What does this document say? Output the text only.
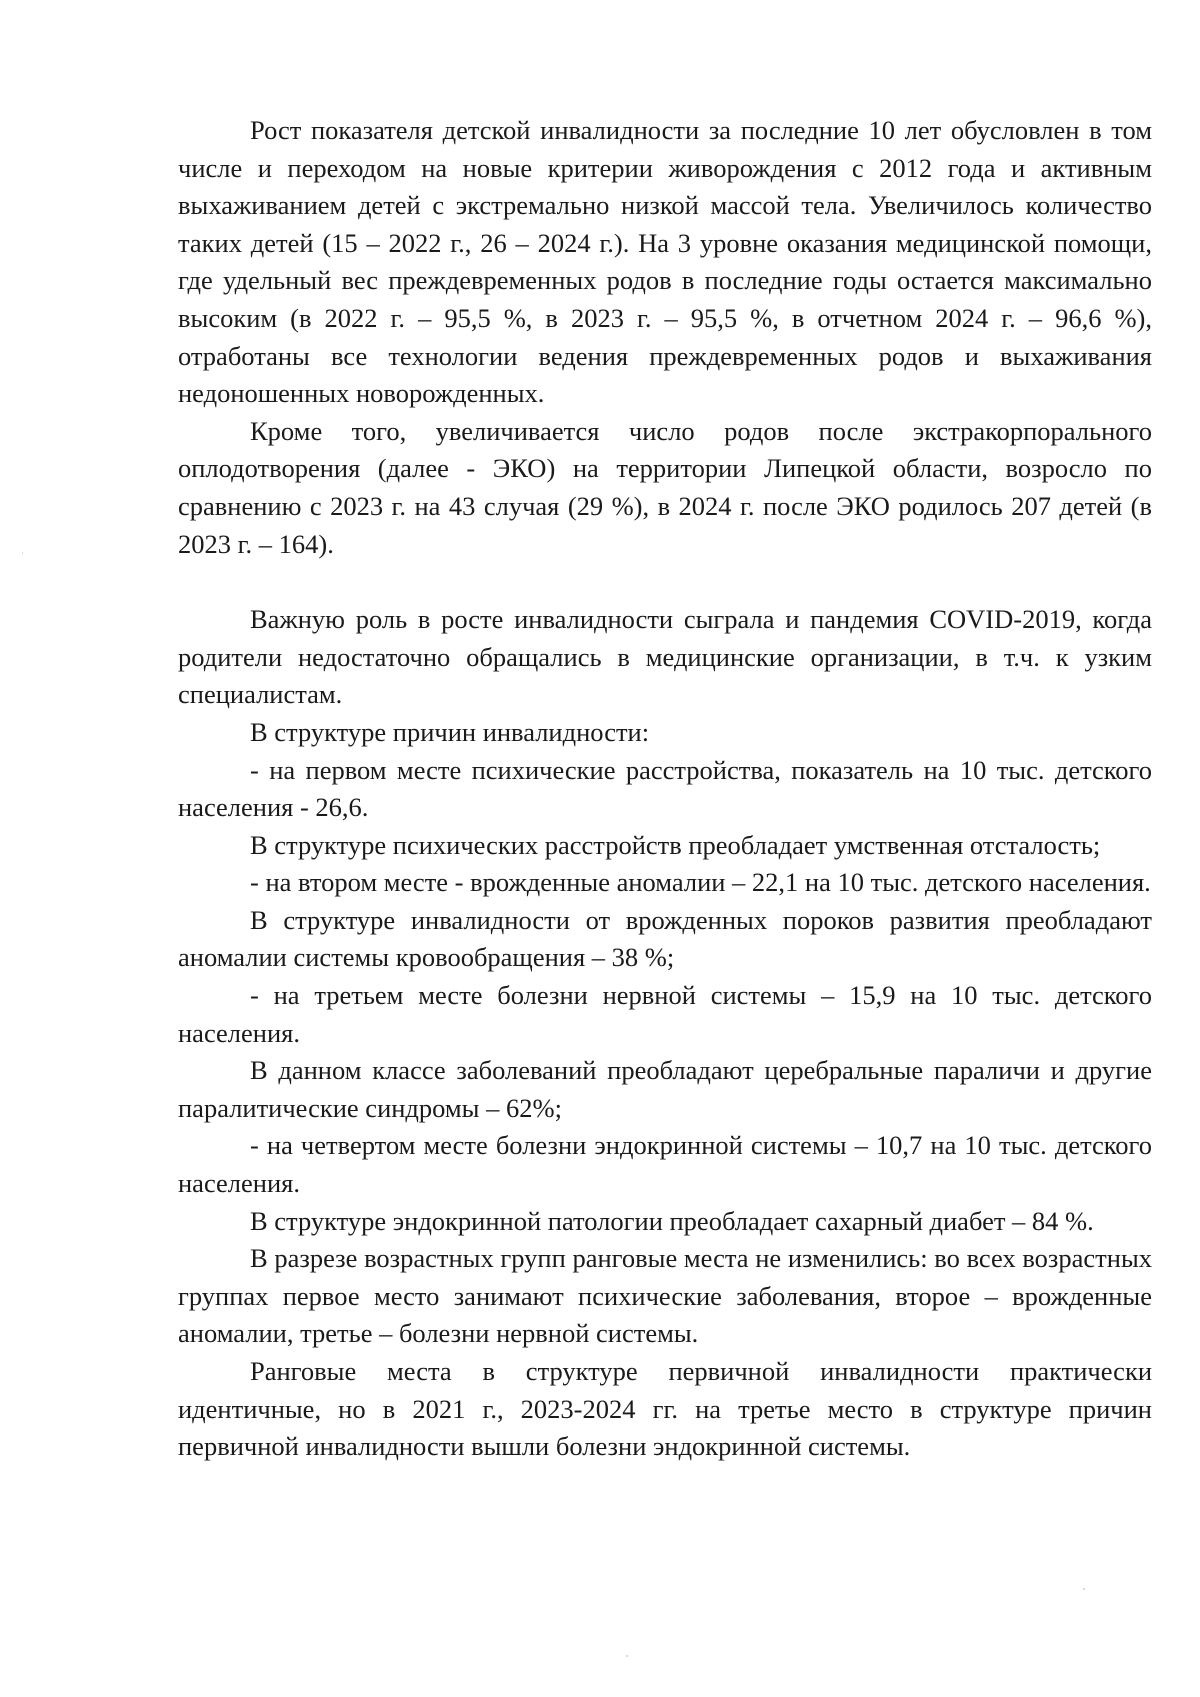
Рост показателя детской инвалидности за последние 10 лет обусловлен в том числе и переходом на новые критерии живорождения с 2012 года и активным выхаживанием детей с экстремально низкой массой тела. Увеличилось количество таких детей (15 – 2022 г., 26 – 2024 г.). На 3 уровне оказания медицинской помощи, где удельный вес преждевременных родов в последние годы остается максимально высоким (в 2022 г. – 95,5 %, в 2023 г. – 95,5 %, в отчетном 2024 г. – 96,6 %), отработаны все технологии ведения преждевременных родов и выхаживания недоношенных новорожденных.

Кроме того, увеличивается число родов после экстракорпорального оплодотворения (далее - ЭКО) на территории Липецкой области, возросло по сравнению с 2023 г. на 43 случая (29 %), в 2024 г. после ЭКО родилось 207 детей (в 2023 г. – 164).

Важную роль в росте инвалидности сыграла и пандемия COVID-2019, когда родители недостаточно обращались в медицинские организации, в т.ч. к узким специалистам.

В структуре причин инвалидности:

- на первом месте психические расстройства, показатель на 10 тыс. детского населения - 26,6.

В структуре психических расстройств преобладает умственная отсталость;

- на втором месте - врожденные аномалии – 22,1 на 10 тыс. детского населения.

В структуре инвалидности от врожденных пороков развития преобладают аномалии системы кровообращения – 38 %;

- на третьем месте болезни нервной системы – 15,9 на 10 тыс. детского населения.

В данном классе заболеваний преобладают церебральные параличи и другие паралитические синдромы – 62%;

- на четвертом месте болезни эндокринной системы – 10,7 на 10 тыс. детского населения.

В структуре эндокринной патологии преобладает сахарный диабет – 84 %.

В разрезе возрастных групп ранговые места не изменились: во всех возрастных группах первое место занимают психические заболевания, второе – врожденные аномалии, третье – болезни нервной системы.

Ранговые места в структуре первичной инвалидности практически идентичные, но в 2021 г., 2023-2024 гг. на третье место в структуре причин первичной инвалидности вышли болезни эндокринной системы.
